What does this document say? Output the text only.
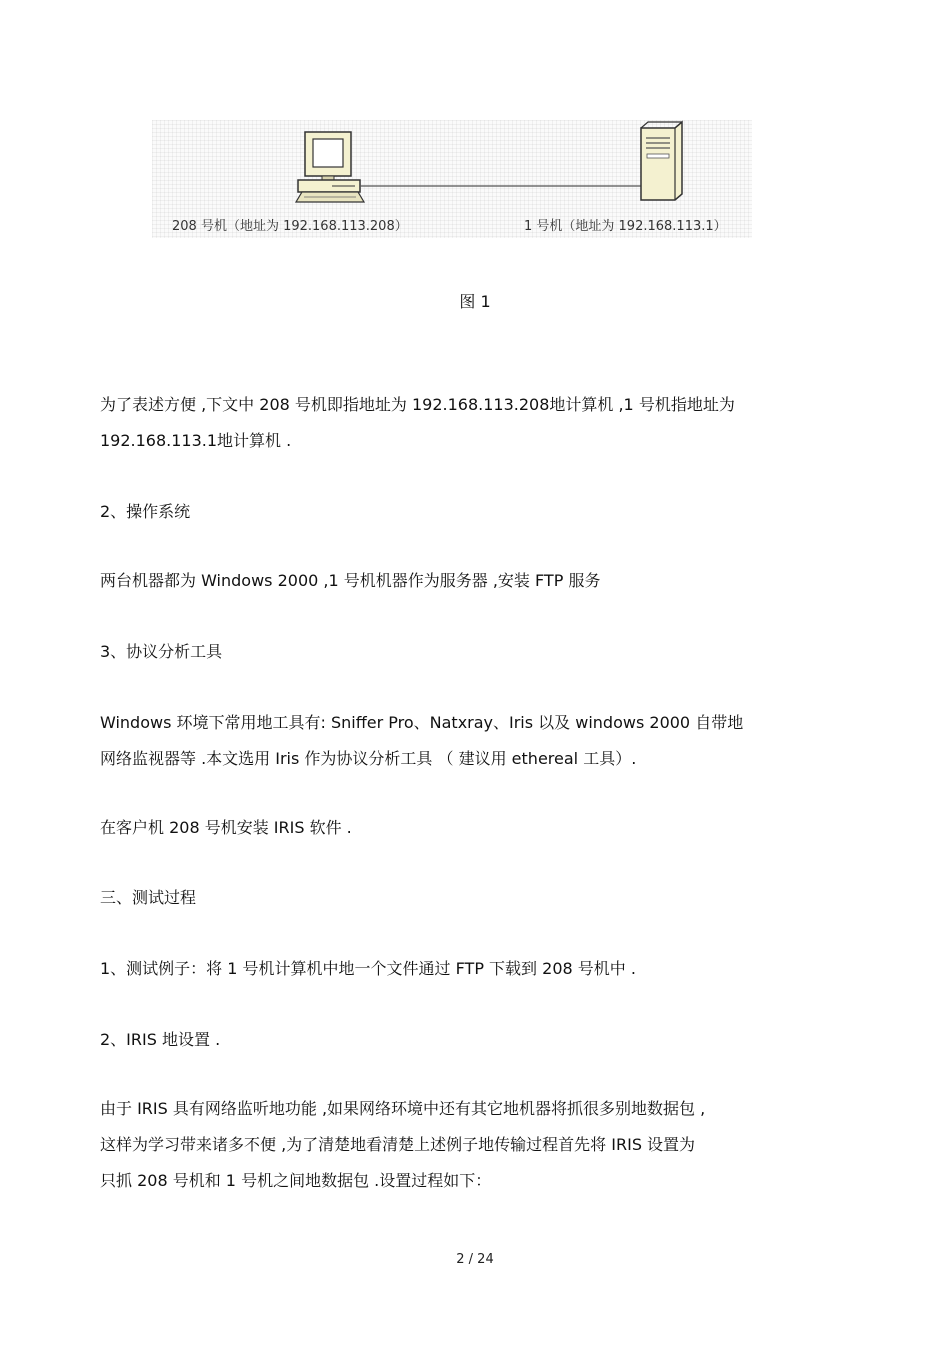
208 号机（地址为 192.168.113.208）	1 号机（地址为 192.168.113.1）
图 1
为了表述方便 ,下文中 208 号机即指地址为 192.168.113.208地计算机 ,1 号机指地址为
192.168.113.1地计算机 .
2、操作系统
两台机器都为 Windows 2000 ,1 号机机器作为服务器 ,安装 FTP 服务
3、协议分析工具
Windows 环境下常用地工具有: Sniffer Pro、Natxray、Iris 以及 windows 2000 自带地
网络监视器等 .本文选用 Iris 作为协议分析工具 （ 建议用 ethereal 工具）.
在客户机 208 号机安装 IRIS 软件 .
三、测试过程
1、测试例子：将 1 号机计算机中地一个文件通过 FTP 下载到 208 号机中 .
2、IRIS 地设置 .
由于 IRIS 具有网络监听地功能 ,如果网络环境中还有其它地机器将抓很多别地数据包 ,
这样为学习带来诸多不便 ,为了清楚地看清楚上述例子地传输过程首先将 IRIS 设置为
只抓 208 号机和 1 号机之间地数据包 .设置过程如下：
2 / 24
